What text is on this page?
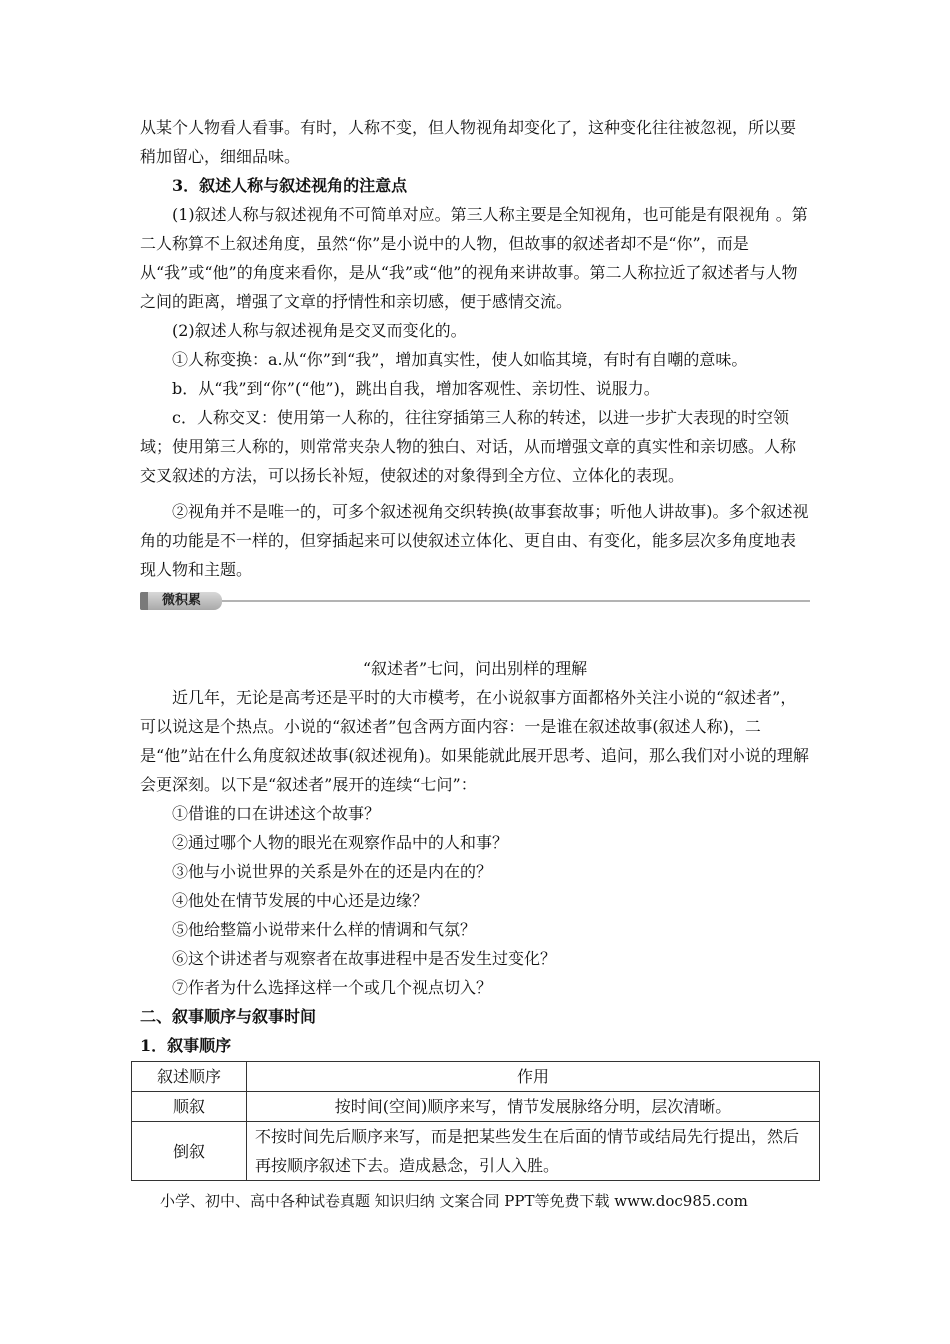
从某个人物看人看事。有时，人称不变，但人物视角却变化了，这种变化往往被忽视，所以要稍加留心，细细品味。

3．叙述人称与叙述视角的注意点

(1)叙述人称与叙述视角不可简单对应。第三人称主要是全知视角，也可能是有限视角 。第二人称算不上叙述角度，虽然“你”是小说中的人物，但故事的叙述者却不是“你”，而是从“我”或“他”的角度来看你，是从“我”或“他”的视角来讲故事。第二人称拉近了叙述者与人物之间的距离，增强了文章的抒情性和亲切感，便于感情交流。

(2)叙述人称与叙述视角是交叉而变化的。

①人称变换：a.从“你”到“我”，增加真实性，使人如临其境，有时有自嘲的意味。

b．从“我”到“你”(“他”)，跳出自我，增加客观性、亲切性、说服力。

c．人称交叉：使用第一人称的，往往穿插第三人称的转述，以进一步扩大表现的时空领域；使用第三人称的，则常常夹杂人物的独白、对话，从而增强文章的真实性和亲切感。人称交叉叙述的方法，可以扬长补短，使叙述的对象得到全方位、立体化的表现。

②视角并不是唯一的，可多个叙述视角交织转换(故事套故事；听他人讲故事)。多个叙述视角的功能是不一样的，但穿插起来可以使叙述立体化、更自由、有变化，能多层次多角度地表现人物和主题。

微积累
“叙述者”七问，问出别样的理解

近几年，无论是高考还是平时的大市模考，在小说叙事方面都格外关注小说的“叙述者”，可以说这是个热点。小说的“叙述者”包含两方面内容：一是谁在叙述故事(叙述人称)，二是“他”站在什么角度叙述故事(叙述视角)。如果能就此展开思考、追问，那么我们对小说的理解会更深刻。以下是“叙述者”展开的连续“七问”：

①借谁的口在讲述这个故事？

②通过哪个人物的眼光在观察作品中的人和事？

③他与小说世界的关系是外在的还是内在的？

④他处在情节发展的中心还是边缘？

⑤他给整篇小说带来什么样的情调和气氛？

⑥这个讲述者与观察者在故事进程中是否发生过变化？

⑦作者为什么选择这样一个或几个视点切入？

二、叙事顺序与叙事时间

1．叙事顺序

叙述顺序	作用
顺叙	按时间(空间)顺序来写，情节发展脉络分明，层次清晰。
倒叙	不按时间先后顺序来写，而是把某些发生在后面的情节或结局先行提出，然后再按顺序叙述下去。造成悬念，引人入胜。
小学、初中、高中各种试卷真题 知识归纳 文案合同 PPT等免费下载 www.doc985.com
